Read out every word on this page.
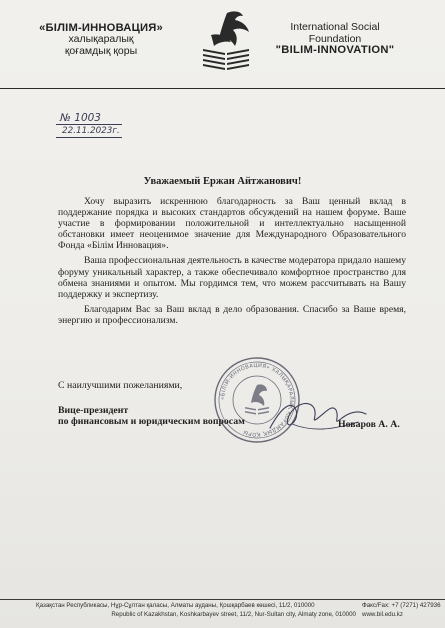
«БІЛІМ-ИННОВАЦИЯ»
халықаралық
қоғамдық қоры
International Social
Foundation
"BILIM-INNOVATION"
№ 1003
22.11.2023г.
Уважаемый Ержан Айтжанович!

Хочу выразить искреннюю благодарность за Ваш ценный вклад в поддержание порядка и высоких стандартов обсуждений на нашем форуме. Ваше участие в формировании положительной и интеллектуально насыщенной обстановки имеет неоценимое значение для Международного Образовательного Фонда «Білім Инновация».

Ваша профессиональная деятельность в качестве модератора придало нашему форуму уникальный характер, а также обеспечивало комфортное пространство для обмена знаниями и опытом. Мы гордимся тем, что можем рассчитывать на Вашу поддержку и экспертизу.

Благодарим Вас за Ваш вклад в дело образования. Спасибо за Ваше время, энергию и профессионализм.

С наилучшими пожеланиями,
«БІЛІМ-ИННОВАЦИЯ» ХАЛЫҚАРАЛЫҚ ҚОҒАМДЫҚ ҚОРЫ
Вице-президент
по финансовым и юридическим вопросам	Новаров А. А.
Қазақстан Республикасы, Нұр-Сұлтан қаласы, Алматы ауданы, Қошқарбаев көшесі, 11/2, 010000
Republic of Kazakhstan, Koshkarbayev street, 11/2, Nur-Sultan city, Almaty zone, 010000
Факс/Fax: +7 (7271) 427936
www.bil.edu.kz
